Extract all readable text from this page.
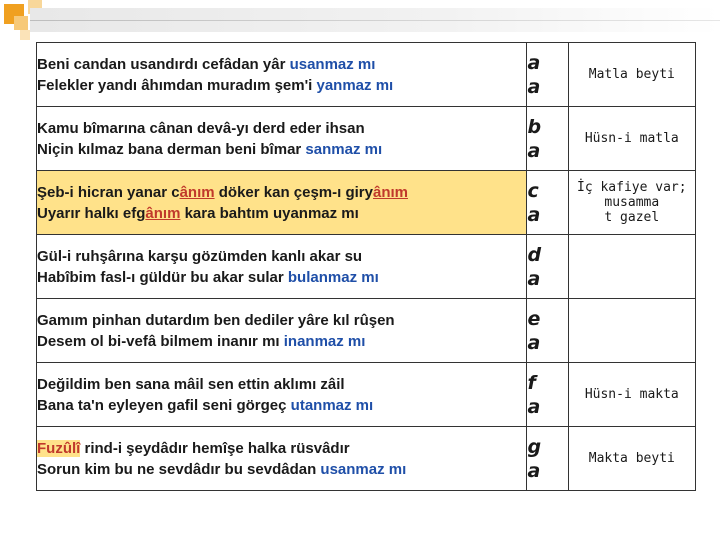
Beni candan usandırdı cefâdan yâr usanmaz mı
Felekler yandı âhımdan muradım şem'i yanmaz mı	a
a	Matla beyti

Kamu bîmarına cânan devâ-yı derd eder ihsan
Niçin kılmaz bana derman beni bîmar sanmaz mı	b
a	Hüsn-i matla

Şeb-i hicran yanar cânım döker kan çeşm-ı giryânım
Uyarır halkı efgânım kara bahtım uyanmaz mı	c
a	İç kafiye var;
musamma
t gazel

Gül-i ruhşârına karşu gözümden kanlı akar su
Habîbim fasl-ı güldür bu akar sular bulanmaz mı	d
a	

Gamım pinhan dutardım ben dediler yâre kıl rûşen
Desem ol bi-vefâ bilmem inanır mı inanmaz mı	e
a	

Değildim ben sana mâil sen ettin aklımı zâil
Bana ta'n eyleyen gafil seni görgeç utanmaz mı	f
a	Hüsn-i makta

Fuzûlî rind-i şeydâdır hemîşe halka rüsvâdır
Sorun kim bu ne sevdâdır bu sevdâdan usanmaz mı	g
a	Makta beyti
